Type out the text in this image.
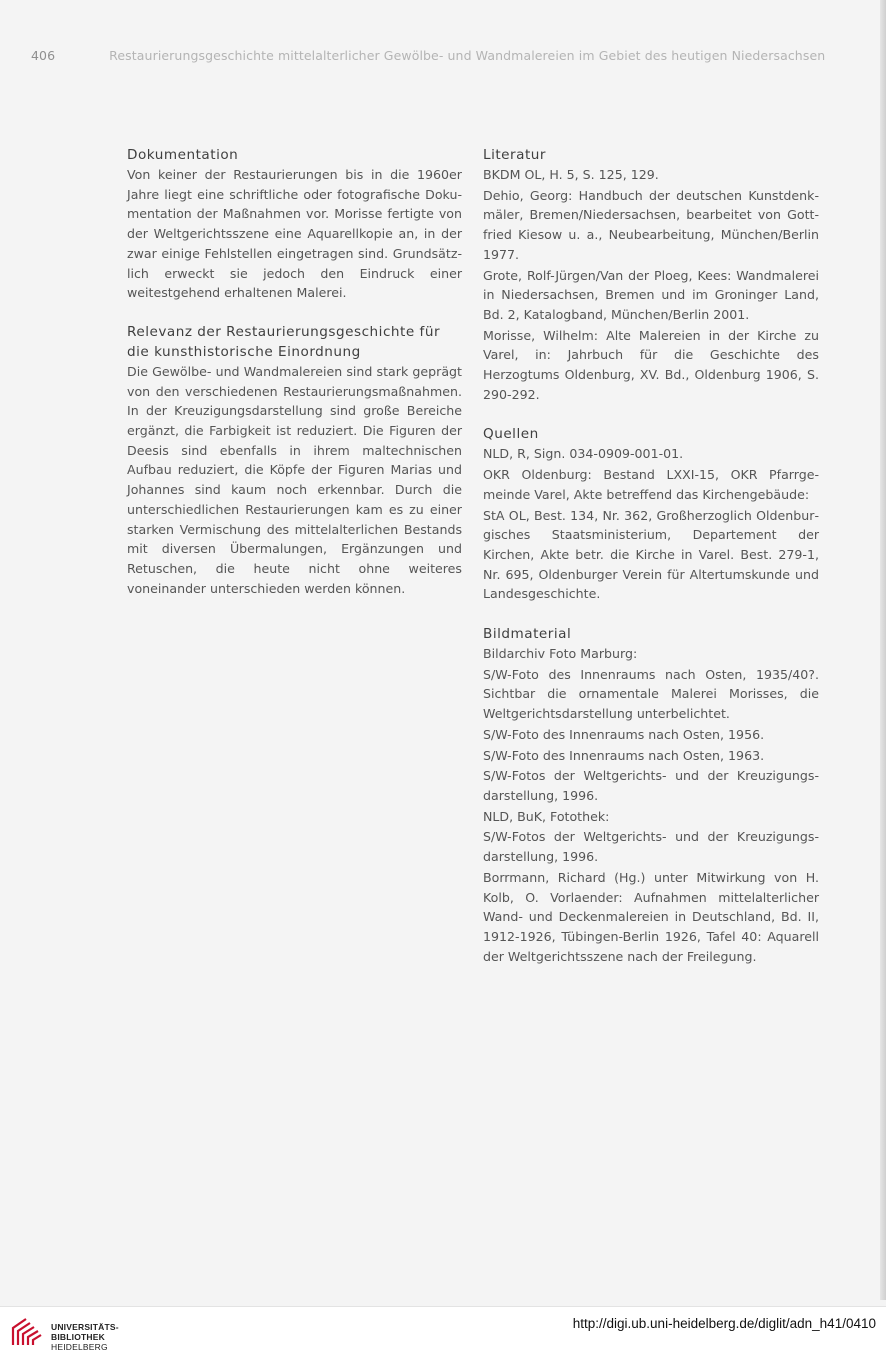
406	Restaurierungsgeschichte mittelalterlicher Gewölbe- und Wandmalereien im Gebiet des heutigen Niedersachsen
Dokumentation

Von keiner der Restaurierungen bis in die 1960er Jahre liegt eine schriftliche oder fotografische Dokumentation der Maßnahmen vor. Morisse fertigte von der Weltgerichtsszene eine Aquarellkopie an, in der zwar einige Fehlstellen eingetragen sind. Grundsätzlich erweckt sie jedoch den Eindruck einer weitestgehend erhaltenen Malerei.

Relevanz der Restaurierungsgeschichte für die kunsthistorische Einordnung

Die Gewölbe- und Wandmalereien sind stark geprägt von den verschiedenen Restaurierungsmaßnahmen. In der Kreuzigungsdarstellung sind große Bereiche ergänzt, die Farbigkeit ist reduziert. Die Figuren der Deesis sind ebenfalls in ihrem maltechnischen Aufbau reduziert, die Köpfe der Figuren Marias und Johannes sind kaum noch erkennbar. Durch die unterschiedlichen Restaurierungen kam es zu einer starken Vermischung des mittelalterlichen Bestands mit diversen Übermalungen, Ergänzungen und Retuschen, die heute nicht ohne weiteres voneinander unterschieden werden können.

Literatur

BKDM OL, H. 5, S. 125, 129.

Dehio, Georg: Handbuch der deutschen Kunstdenkmäler, Bremen/Niedersachsen, bearbeitet von Gottfried Kiesow u. a., Neubearbeitung, München/Berlin 1977.

Grote, Rolf-Jürgen/Van der Ploeg, Kees: Wandmalerei in Niedersachsen, Bremen und im Groninger Land, Bd. 2, Katalogband, München/Berlin 2001.

Morisse, Wilhelm: Alte Malereien in der Kirche zu Varel, in: Jahrbuch für die Geschichte des Herzogtums Oldenburg, XV. Bd., Oldenburg 1906, S. 290-292.

Quellen

NLD, R, Sign. 034-0909-001-01.

OKR Oldenburg: Bestand LXXI-15, OKR Pfarrgemeinde Varel, Akte betreffend das Kirchengebäude:

StA OL, Best. 134, Nr. 362, Großherzoglich Oldenburgisches Staatsministerium, Departement der Kirchen, Akte betr. die Kirche in Varel. Best. 279-1, Nr. 695, Oldenburger Verein für Altertumskunde und Landesgeschichte.

Bildmaterial

Bildarchiv Foto Marburg:

S/W-Foto des Innenraums nach Osten, 1935/40?. Sichtbar die ornamentale Malerei Morisses, die Weltgerichtsdarstellung unterbelichtet.

S/W-Foto des Innenraums nach Osten, 1956.

S/W-Foto des Innenraums nach Osten, 1963.

S/W-Fotos der Weltgerichts- und der Kreuzigungsdarstellung, 1996.

NLD, BuK, Fotothek:

S/W-Fotos der Weltgerichts- und der Kreuzigungsdarstellung, 1996.

Borrmann, Richard (Hg.) unter Mitwirkung von H. Kolb, O. Vorlaender: Aufnahmen mittelalterlicher Wand- und Deckenmalereien in Deutschland, Bd. II, 1912-1926, Tübingen-Berlin 1926, Tafel 40: Aquarell der Weltgerichtsszene nach der Freilegung.

UNIVERSITÄTS-
BIBLIOTHEK
HEIDELBERG
http://digi.ub.uni-heidelberg.de/diglit/adn_h41/0410
